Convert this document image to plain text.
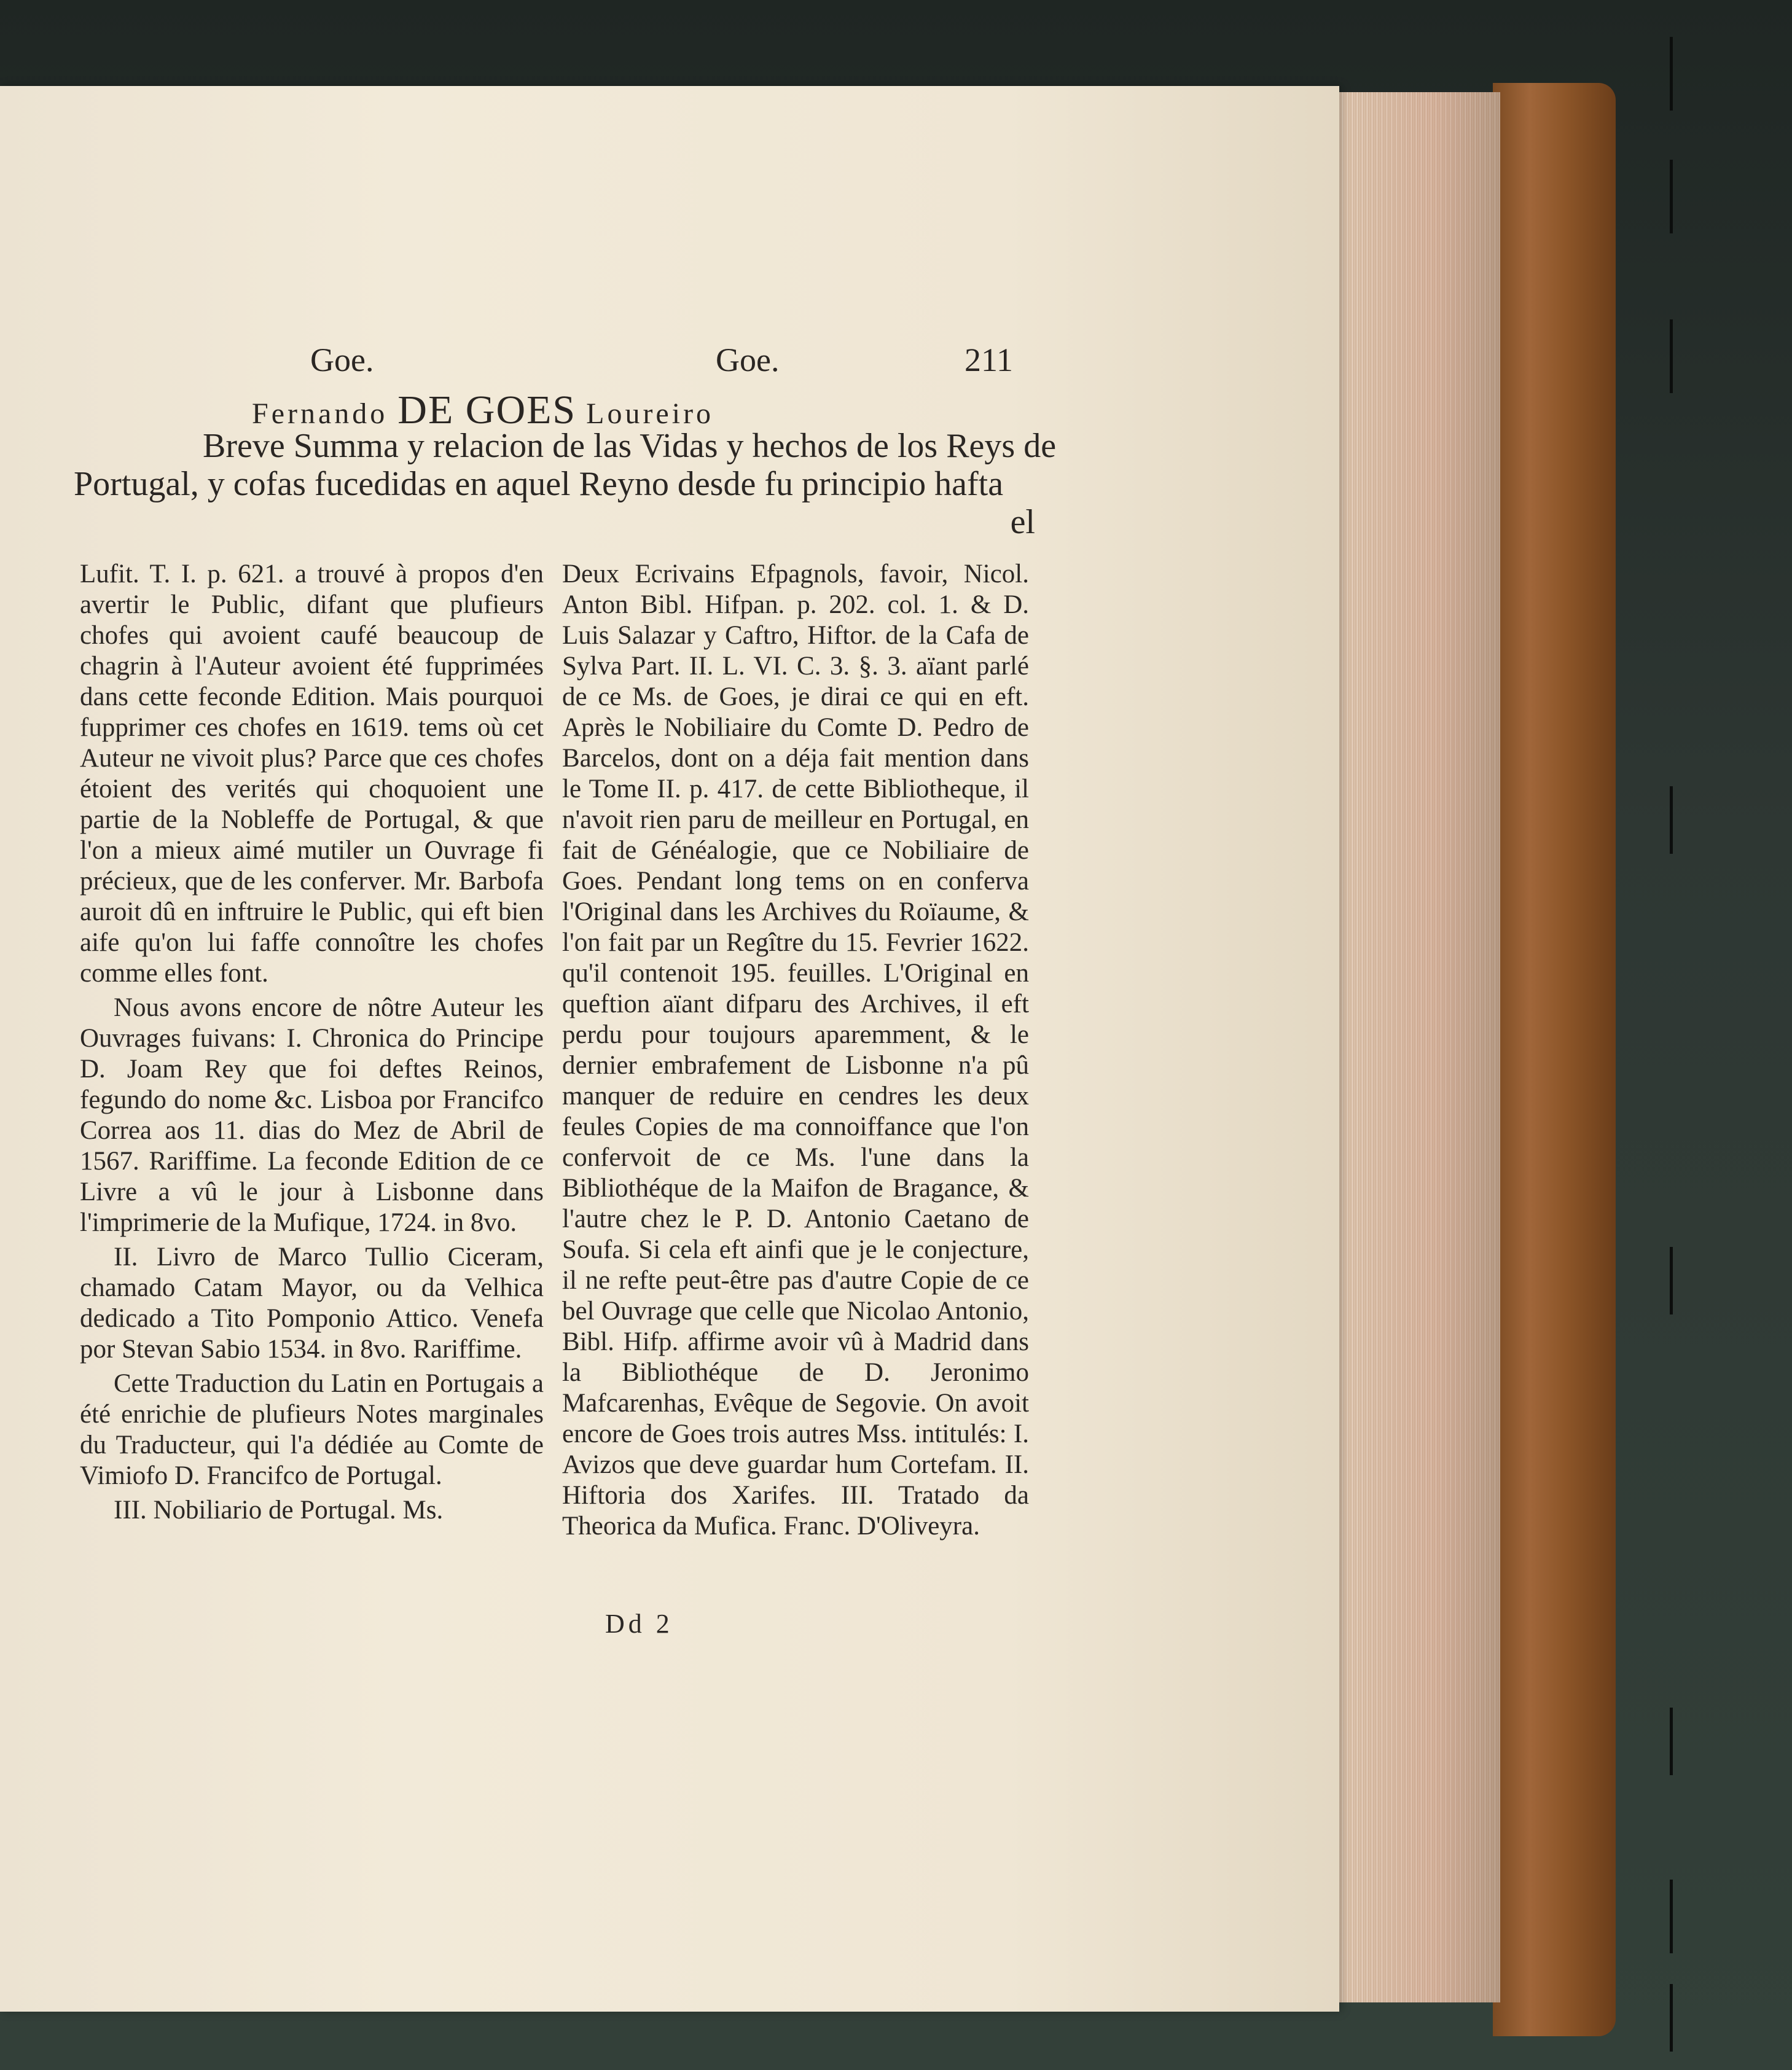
Goe.	Goe.	211
Fernando DE GOES Loureiro
Breve Summa y relacion de las Vidas y hechos de los Reys de
Portugal, y cofas fucedidas en aquel Reyno desde fu principio hafta
el

Lufit. T. I. p. 621. a trouvé à propos d'en avertir le Public, difant que plufieurs chofes qui avoient caufé beaucoup de chagrin à l'Auteur avoient été fupprimées dans cette feconde Edition. Mais pourquoi fupprimer ces chofes en 1619. tems où cet Auteur ne vivoit plus? Parce que ces chofes étoient des verités qui choquoient une partie de la Nobleffe de Portugal, & que l'on a mieux aimé mutiler un Ouvrage fi précieux, que de les conferver. Mr. Barbofa auroit dû en inftruire le Public, qui eft bien aife qu'on lui faffe connoître les chofes comme elles font.

Nous avons encore de nôtre Auteur les Ouvrages fuivans: I. Chronica do Principe D. Joam Rey que foi deftes Reinos, fegundo do nome &c. Lisboa por Francifco Correa aos 11. dias do Mez de Abril de 1567. Rariffime. La feconde Edition de ce Livre a vû le jour à Lisbonne dans l'imprimerie de la Mufique, 1724. in 8vo.

II. Livro de Marco Tullio Ciceram, chamado Catam Mayor, ou da Velhica dedicado a Tito Pomponio Attico. Venefa por Stevan Sabio 1534. in 8vo. Rariffime.

Cette Traduction du Latin en Portugais a été enrichie de plufieurs Notes marginales du Traducteur, qui l'a dédiée au Comte de Vimiofo D. Francifco de Portugal.

III. Nobiliario de Portugal. Ms.

Deux Ecrivains Efpagnols, favoir, Nicol. Anton Bibl. Hifpan. p. 202. col. 1. & D. Luis Salazar y Caftro, Hiftor. de la Cafa de Sylva Part. II. L. VI. C. 3. §. 3. aïant parlé de ce Ms. de Goes, je dirai ce qui en eft. Après le Nobiliaire du Comte D. Pedro de Barcelos, dont on a déja fait mention dans le Tome II. p. 417. de cette Bibliotheque, il n'avoit rien paru de meilleur en Portugal, en fait de Généalogie, que ce Nobiliaire de Goes. Pendant long tems on en conferva l'Original dans les Archives du Roïaume, & l'on fait par un Regître du 15. Fevrier 1622. qu'il contenoit 195. feuilles. L'Original en queftion aïant difparu des Archives, il eft perdu pour toujours aparemment, & le dernier embrafement de Lisbonne n'a pû manquer de reduire en cendres les deux feules Copies de ma connoiffance que l'on confervoit de ce Ms. l'une dans la Bibliothéque de la Maifon de Bragance, & l'autre chez le P. D. Antonio Caetano de Soufa. Si cela eft ainfi que je le conjecture, il ne refte peut-être pas d'autre Copie de ce bel Ouvrage que celle que Nicolao Antonio, Bibl. Hifp. affirme avoir vû à Madrid dans la Bibliothéque de D. Jeronimo Mafcarenhas, Evêque de Segovie. On avoit encore de Goes trois autres Mss. intitulés: I. Avizos que deve guardar hum Cortefam. II. Hiftoria dos Xarifes. III. Tratado da Theorica da Mufica. Franc. D'Oliveyra.

Dd 2
